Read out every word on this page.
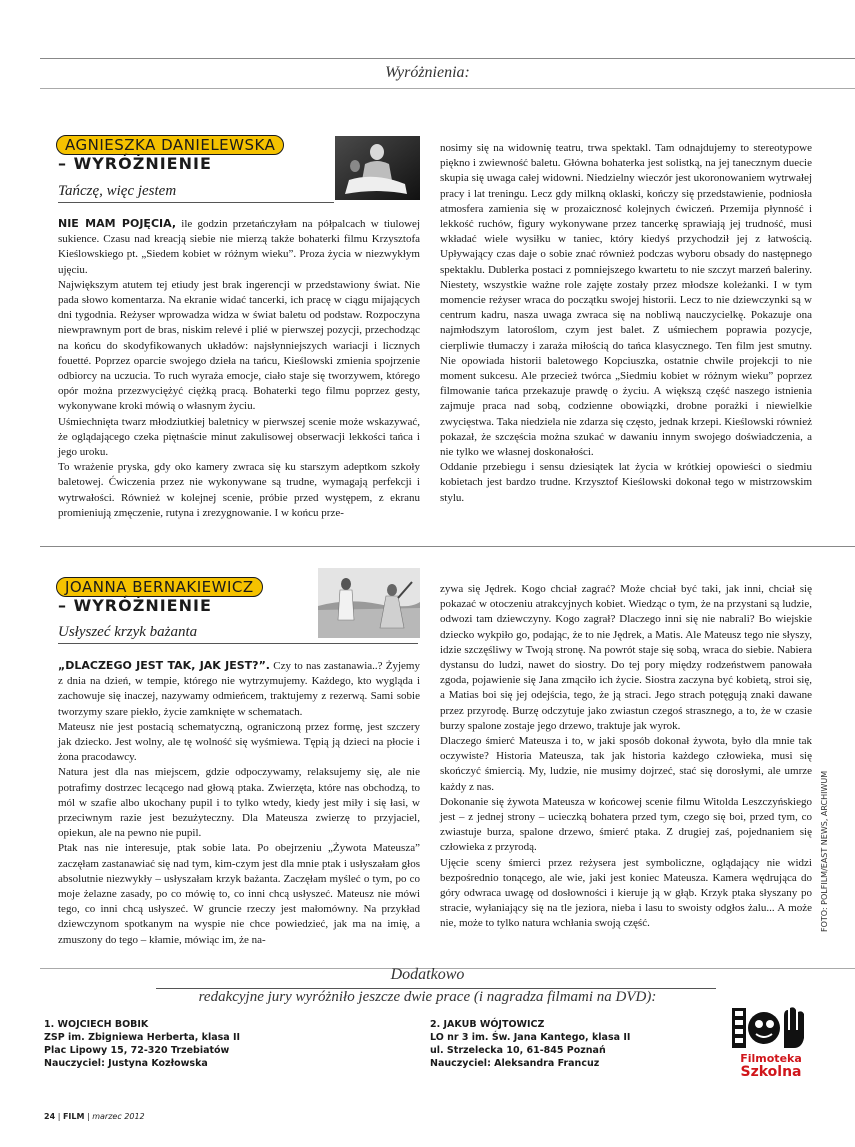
Wyróżnienia:
AGNIESZKA DANIELEWSKA
– WYRÓŻNIENIE
Tańczę, więc jestem

NIE MAM POJĘCIA, ile godzin przetańczyłam na półpalcach w tiulowej sukience. Czasu nad kreacją siebie nie mierzą także bohaterki filmu Krzysztofa Kieślowskiego pt. „Siedem kobiet w różnym wieku”. Proza życia w niezwykłym ujęciu.

Największym atutem tej etiudy jest brak ingerencji w przedstawiony świat. Nie pada słowo komentarza. Na ekranie widać tancerki, ich pracę w ciągu mijających dni tygodnia. Reżyser wprowadza widza w świat baletu od podstaw. Rozpoczyna niewprawnym port de bras, niskim relevé i plié w pierwszej pozycji, przechodząc na końcu do skodyfikowanych układów: najsłynniejszych wariacji i licznych fouetté. Poprzez oparcie swojego dzieła na tańcu, Kieślowski zmienia spojrzenie odbiorcy na uczucia. To ruch wyraża emocje, ciało staje się tworzywem, którego opór można przezwyciężyć ciężką pracą. Bohaterki tego filmu poprzez gesty, wykonywane kroki mówią o własnym życiu.

Uśmiechnięta twarz młodziutkiej baletnicy w pierwszej scenie może wskazywać, że oglądającego czeka piętnaście minut zakulisowej obserwacji lekkości tańca i jego uroku.

To wrażenie pryska, gdy oko kamery zwraca się ku starszym adeptkom szkoły baletowej. Ćwiczenia przez nie wykonywane są trudne, wymagają perfekcji i wytrwałości. Również w kolejnej scenie, próbie przed występem, z ekranu promieniują zmęczenie, rutyna i zrezygnowanie. I w końcu prze-

nosimy się na widownię teatru, trwa spektakl. Tam odnajdujemy to stereotypowe piękno i zwiewność baletu. Główna bohaterka jest solistką, na jej tanecznym duecie skupia się uwaga całej widowni. Niedzielny wieczór jest ukoronowaniem wytrwałej pracy i lat treningu. Lecz gdy milkną oklaski, kończy się przedstawienie, podniosła atmosfera zamienia się w prozaicznosć kolejnych ćwiczeń. Przemija płynność i lekkość ruchów, figury wykonywane przez tancerkę sprawiają jej trudność, musi wkładać wiele wysiłku w taniec, który kiedyś przychodził jej z łatwością. Upływający czas daje o sobie znać również podczas wyboru obsady do następnego spektaklu. Dublerka postaci z pomniejszego kwartetu to nie szczyt marzeń baleriny. Niestety, wszystkie ważne role zajęte zostały przez młodsze koleżanki. I w tym momencie reżyser wraca do początku swojej historii. Lecz to nie dziewczynki są w centrum kadru, nasza uwaga zwraca się na nobliwą nauczycielkę. Pokazuje ona najmłodszym latoroślom, czym jest balet. Z uśmiechem poprawia pozycje, cierpliwie tłumaczy i zaraża miłością do tańca klasycznego. Ten film jest smutny. Nie opowiada historii baletowego Kopciuszka, ostatnie chwile projekcji to nie moment sukcesu. Ale przecież twórca „Siedmiu kobiet w różnym wieku” poprzez filmowanie tańca przekazuje prawdę o życiu. A większą część naszego istnienia zajmuje praca nad sobą, codzienne obowiązki, drobne porażki i niewielkie zwycięstwa. Taka niedziela nie zdarza się często, jednak krzepi. Kieślowski również pokazał, że szczęścia można szukać w dawaniu innym swojego doświadczenia, a nie tylko we własnej doskonałości.

Oddanie przebiegu i sensu dziesiątek lat życia w krótkiej opowieści o siedmiu kobietach jest bardzo trudne. Krzysztof Kieślowski dokonał tego w mistrzowskim stylu.

JOANNA BERNAKIEWICZ
– WYRÓŻNIENIE
Usłyszeć krzyk bażanta

„DLACZEGO JEST TAK, JAK JEST?”. Czy to nas zastanawia..? Żyjemy z dnia na dzień, w tempie, którego nie wytrzymujemy. Każdego, kto wygląda i zachowuje się inaczej, nazywamy odmieńcem, traktujemy z rezerwą. Sami sobie tworzymy szare piekło, życie zamknięte w schematach.

Mateusz nie jest postacią schematyczną, ograniczoną przez formę, jest szczery jak dziecko. Jest wolny, ale tę wolność się wyśmiewa. Tępią ją dzieci na płocie i żona pracodawcy.

Natura jest dla nas miejscem, gdzie odpoczywamy, relaksujemy się, ale nie potrafimy dostrzec lecącego nad głową ptaka. Zwierzęta, które nas obchodzą, to mól w szafie albo ukochany pupil i to tylko wtedy, kiedy jest miły i się łasi, w przeciwnym razie jest bezużyteczny. Dla Mateusza zwierzę to przyjaciel, opiekun, ale na pewno nie pupil.

Ptak nas nie interesuje, ptak sobie lata. Po obejrzeniu „Żywota Mateusza” zaczęłam zastanawiać się nad tym, kim-czym jest dla mnie ptak i usłyszałam głos absolutnie niezwykły – usłyszałam krzyk bażanta. Zaczęłam myśleć o tym, po co moje żelazne zasady, po co mówię to, co inni chcą usłyszeć. Mateusz nie mówi tego, co inni chcą usłyszeć. W gruncie rzeczy jest małomówny. Na przykład dziewczynom spotkanym na wyspie nie chce powiedzieć, jak ma na imię, a zmuszony do tego – kłamie, mówiąc im, że na-

zywa się Jędrek. Kogo chciał zagrać? Może chciał być taki, jak inni, chciał się pokazać w otoczeniu atrakcyjnych kobiet. Wiedząc o tym, że na przystani są ludzie, odwozi tam dziewczyny. Kogo zagrał? Dlaczego inni się nie nabrali? Bo wiejskie dziecko wykpiło go, podając, że to nie Jędrek, a Matis. Ale Mateusz tego nie słyszy, idzie szczęśliwy w Twoją stronę. Na powrót staje się sobą, wraca do siebie. Nabiera dystansu do ludzi, nawet do siostry. Do tej pory między rodzeństwem panowała zgoda, pojawienie się Jana zmąciło ich życie. Siostra zaczyna być kobietą, stroi się, a Matias boi się jej odejścia, tego, że ją straci. Jego strach potęgują znaki dawane przez przyrodę. Burzę odczytuje jako zwiastun czegoś strasznego, a to, że w czasie burzy spalone zostaje jego drzewo, traktuje jak wyrok.

Dlaczego śmierć Mateusza i to, w jaki sposób dokonał żywota, było dla mnie tak oczywiste? Historia Mateusza, tak jak historia każdego człowieka, musi się skończyć śmiercią. My, ludzie, nie musimy dojrzeć, stać się dorosłymi, ale umrze każdy z nas.

Dokonanie się żywota Mateusza w końcowej scenie filmu Witolda Leszczyńskiego jest – z jednej strony – ucieczką bohatera przed tym, czego się boi, przed tym, co zwiastuje burza, spalone drzewo, śmierć ptaka. Z drugiej zaś, pojednaniem się człowieka z przyrodą.

Ujęcie sceny śmierci przez reżysera jest symboliczne, oglądający nie widzi bezpośrednio tonącego, ale wie, jaki jest koniec Mateusza. Kamera wędrująca do góry odwraca uwagę od dosłowności i kieruje ją w głąb. Krzyk ptaka słyszany po stracie, wyłaniający się na tle jeziora, nieba i lasu to swoisty odgłos żalu... A może nie, może to tylko natura wchłania swoją część.	FOTO: POLFILM/EAST NEWS, ARCHIWUM
Dodatkowo
redakcyjne jury wyróżniło jeszcze dwie prace (i nagradza filmami na DVD):
1. WOJCIECH BOBIK
ZSP im. Zbigniewa Herberta, klasa II
Plac Lipowy 15, 72-320 Trzebiatów
Nauczyciel: Justyna Kozłowska
2. JAKUB WÓJTOWICZ
LO nr 3 im. Św. Jana Kantego, klasa II
ul. Strzelecka 10, 61-845 Poznań
Nauczyciel: Aleksandra Francuz	Filmoteka
Szkolna
24 | FILM | marzec 2012
